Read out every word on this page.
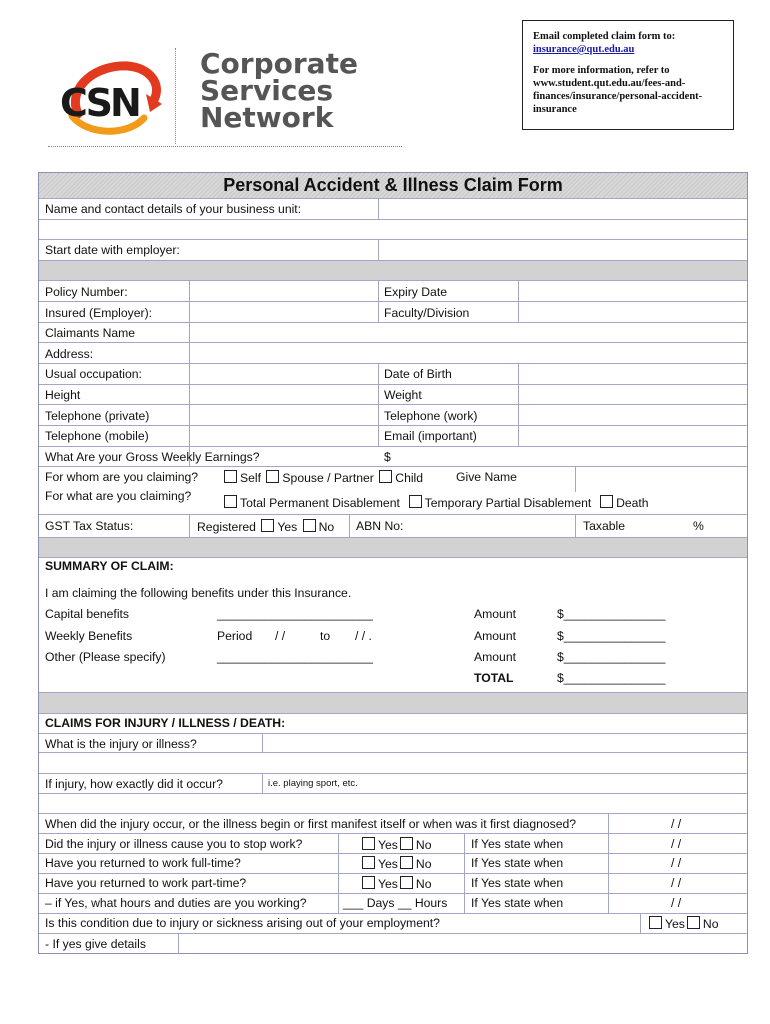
CSN
Corporate
Services
Network

Email completed claim form to:
insurance@qut.edu.au

For more information, refer to www.student.qut.edu.au/fees-and-finances/insurance/personal-accident-insurance

Personal Accident & Illness Claim Form
Name and contact details of your business unit:
Start date with employer:
Policy Number:	Expiry Date
Insured (Employer):	Faculty/Division
Claimants Name
Address:
Usual occupation:	Date of Birth
Height	Weight
Telephone (private)	Telephone (work)
Telephone (mobile)	Email (important)
What Are your Gross Weekly Earnings?	$
For whom are you claiming?	Self Spouse / Partner Child	Give Name
For what are you claiming?	Total Permanent Disablement Temporary Partial Disablement Death
GST Tax Status:	Registered Yes No ABN No:	Taxable	%
SUMMARY OF CLAIM:
I am claiming the following benefits under this Insurance.
Capital benefits	_______________________	Amount	$_______________
Weekly Benefits	Period / /	to / / .	Amount	$_______________
Other (Please specify)	_______________________	Amount	$_______________
TOTAL	$_______________
CLAIMS FOR INJURY / ILLNESS / DEATH:
What is the injury or illness?
If injury, how exactly did it occur?	i.e. playing sport, etc.
When did the injury occur, or the illness begin or first manifest itself or when was it first diagnosed?	/ /
Did the injury or illness cause you to stop work?	Yes No	If Yes state when	/ /
Have you returned to work full-time?	Yes No	If Yes state when	/ /
Have you returned to work part-time?	Yes No	If Yes state when	/ /
– if Yes, what hours and duties are you working?	___ Days __ Hours If Yes state when	/ /
Is this condition due to injury or sickness arising out of your employment?	Yes No
- If yes give details
